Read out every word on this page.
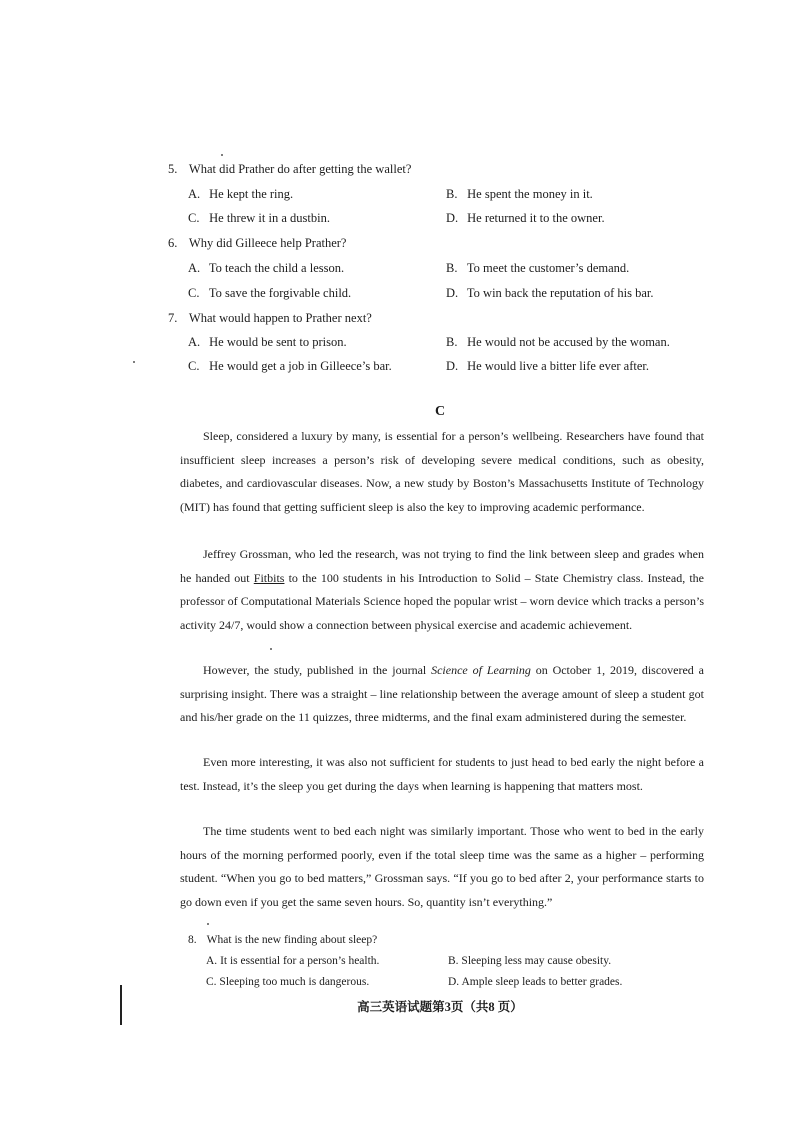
5. What did Prather do after getting the wallet?
A. He kept the ring.	B. He spent the money in it.
C. He threw it in a dustbin.	D. He returned it to the owner.
6. Why did Gilleece help Prather?
A. To teach the child a lesson.	B. To meet the customer’s demand.
C. To save the forgivable child.	D. To win back the reputation of his bar.
7. What would happen to Prather next?
A. He would be sent to prison.	B. He would not be accused by the woman.
C. He would get a job in Gilleece’s bar.	D. He would live a bitter life ever after.
C
Sleep, considered a luxury by many, is essential for a person’s wellbeing. Researchers have found that insufficient sleep increases a person’s risk of developing severe medical conditions, such as obesity, diabetes, and cardiovascular diseases. Now, a new study by Boston’s Massachusetts Institute of Technology (MIT) has found that getting sufficient sleep is also the key to improving academic performance.
Jeffrey Grossman, who led the research, was not trying to find the link between sleep and grades when he handed out Fitbits to the 100 students in his Introduction to Solid – State Chemistry class. Instead, the professor of Computational Materials Science hoped the popular wrist – worn device which tracks a person’s activity 24/7, would show a connection between physical exercise and academic achievement.
However, the study, published in the journal Science of Learning on October 1, 2019, discovered a surprising insight. There was a straight – line relationship between the average amount of sleep a student got and his/her grade on the 11 quizzes, three midterms, and the final exam administered during the semester.
Even more interesting, it was also not sufficient for students to just head to bed early the night before a test. Instead, it’s the sleep you get during the days when learning is happening that matters most.
The time students went to bed each night was similarly important. Those who went to bed in the early hours of the morning performed poorly, even if the total sleep time was the same as a higher – performing student. “When you go to bed matters,” Grossman says. “If you go to bed after 2, your performance starts to go down even if you get the same seven hours. So, quantity isn’t everything.”
8. What is the new finding about sleep?
A. It is essential for a person’s health.	B. Sleeping less may cause obesity.
C. Sleeping too much is dangerous.	D. Ample sleep leads to better grades.
高三英语试题第3页（共8 页）
